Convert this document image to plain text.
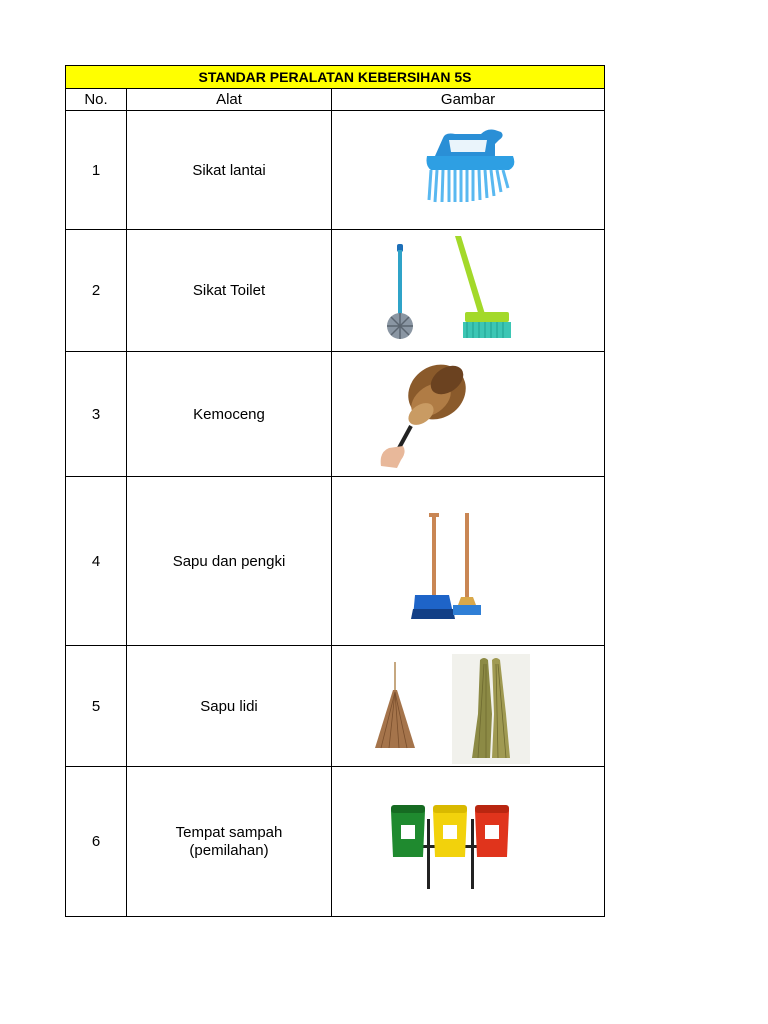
STANDAR PERALATAN KEBERSIHAN 5S		
No.	Alat	Gambar
1	Sikat lantai	

2	Sikat Toilet	

3	Kemoceng	

4	Sapu dan pengki	

5	Sapu lidi	

6	Tempat sampah
(pemilahan)
